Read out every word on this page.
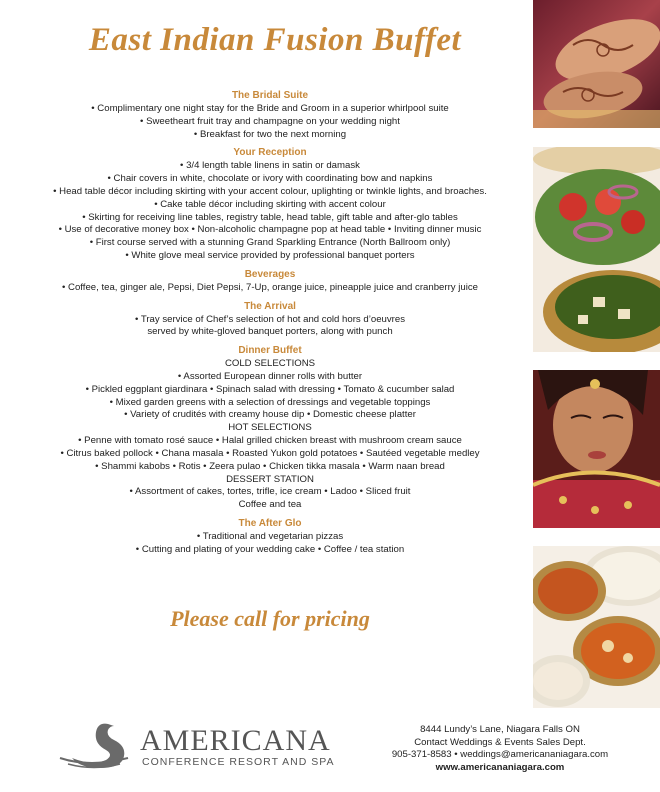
East Indian Fusion Buffet
The Bridal Suite
• Complimentary one night stay for the Bride and Groom in a superior whirlpool suite
• Sweetheart fruit tray and champagne on your wedding night
• Breakfast for two the next morning
Your Reception
• 3/4 length table linens in satin or damask
• Chair covers in white, chocolate or ivory with coordinating bow and napkins
• Head table décor including skirting with your accent colour, uplighting or twinkle lights, and broaches.
• Cake table décor including skirting with accent colour
• Skirting for receiving line tables, registry table, head table, gift table and after-glo tables
• Use of decorative money box • Non-alcoholic champagne pop at head table • Inviting dinner music
• First course served with a stunning Grand Sparkling Entrance (North Ballroom only)
• White glove meal service provided by professional banquet porters
Beverages
• Coffee, tea, ginger ale, Pepsi, Diet Pepsi, 7-Up, orange juice, pineapple juice and cranberry juice
The Arrival
• Tray service of Chef’s selection of hot and cold hors d’oeuvres
served by white-gloved banquet porters, along with punch
Dinner Buffet
COLD SELECTIONS
• Assorted European dinner rolls with butter
• Pickled eggplant giardinara • Spinach salad with dressing • Tomato & cucumber salad
• Mixed garden greens with a selection of dressings and vegetable toppings
• Variety of crudités with creamy house dip • Domestic cheese platter
HOT SELECTIONS
• Penne with tomato rosé sauce • Halal grilled chicken breast with mushroom cream sauce
• Citrus baked pollock • Chana masala • Roasted Yukon gold potatoes • Sautéed vegetable medley
• Shammi kabobs • Rotis • Zeera pulao • Chicken tikka masala • Warm naan bread
DESSERT STATION
• Assortment of cakes, tortes, trifle, ice cream • Ladoo • Sliced fruit
Coffee and tea
The After Glo
• Traditional and vegetarian pizzas
• Cutting and plating of your wedding cake • Coffee / tea station
Please call for pricing
AMERICANA
CONFERENCE RESORT AND SPA
8444 Lundy’s Lane, Niagara Falls ON
Contact Weddings & Events Sales Dept.
905-371-8583 • weddings@americananiagara.com
www.americananiagara.com
